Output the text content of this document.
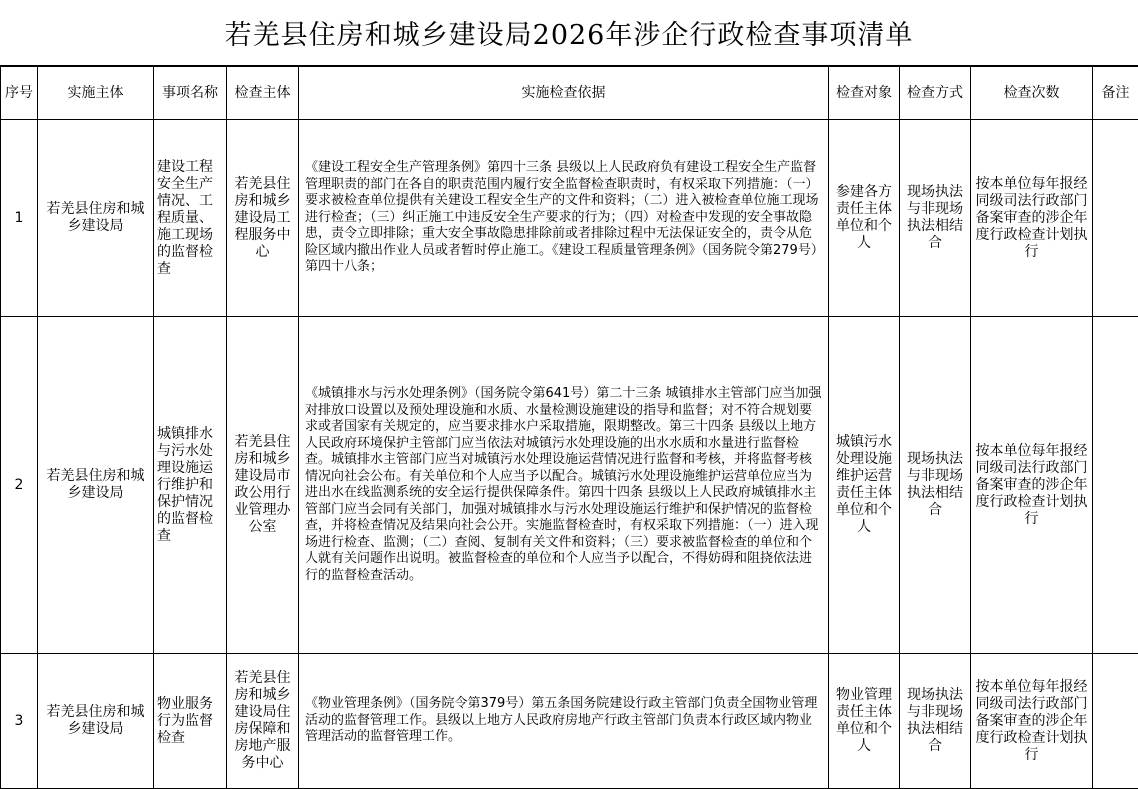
若羌县住房和城乡建设局2026年涉企行政检查事项清单
序号	实施主体	事项名称	检查主体	实施检查依据	检查对象	检查方式	检查次数	备注
1	若羌县住房和城乡建设局	建设工程安全生产情况、工程质量、施工现场的监督检查	若羌县住房和城乡建设局工程服务中心	《建设工程安全生产管理条例》第四十三条 县级以上人民政府负有建设工程安全生产监督管理职责的部门在各自的职责范围内履行安全监督检查职责时，有权采取下列措施：（一）要求被检查单位提供有关建设工程安全生产的文件和资料；（二）进入被检查单位施工现场进行检查；（三）纠正施工中违反安全生产要求的行为；（四）对检查中发现的安全事故隐患，责令立即排除；重大安全事故隐患排除前或者排除过程中无法保证安全的，责令从危险区域内撤出作业人员或者暂时停止施工。《建设工程质量管理条例》（国务院令第279号）第四十八条；	参建各方责任主体单位和个人	现场执法与非现场执法相结合	按本单位每年报经同级司法行政部门备案审查的涉企年度行政检查计划执行	
2	若羌县住房和城乡建设局	城镇排水与污水处理设施运行维护和保护情况的监督检查	若羌县住房和城乡建设局市政公用行业管理办公室	《城镇排水与污水处理条例》（国务院令第641号）第二十三条 城镇排水主管部门应当加强对排放口设置以及预处理设施和水质、水量检测设施建设的指导和监督；对不符合规划要求或者国家有关规定的，应当要求排水户采取措施，限期整改。第三十四条 县级以上地方人民政府环境保护主管部门应当依法对城镇污水处理设施的出水水质和水量进行监督检查。城镇排水主管部门应当对城镇污水处理设施运营情况进行监督和考核，并将监督考核情况向社会公布。有关单位和个人应当予以配合。城镇污水处理设施维护运营单位应当为进出水在线监测系统的安全运行提供保障条件。第四十四条 县级以上人民政府城镇排水主管部门应当会同有关部门，加强对城镇排水与污水处理设施运行维护和保护情况的监督检查，并将检查情况及结果向社会公开。实施监督检查时，有权采取下列措施：（一）进入现场进行检查、监测；（二）查阅、复制有关文件和资料；（三）要求被监督检查的单位和个人就有关问题作出说明。被监督检查的单位和个人应当予以配合，不得妨碍和阻挠依法进行的监督检查活动。	城镇污水处理设施维护运营责任主体单位和个人	现场执法与非现场执法相结合	按本单位每年报经同级司法行政部门备案审查的涉企年度行政检查计划执行	
3	若羌县住房和城乡建设局	物业服务行为监督检查	若羌县住房和城乡建设局住房保障和房地产服务中心	《物业管理条例》（国务院令第379号）第五条国务院建设行政主管部门负责全国物业管理活动的监督管理工作。县级以上地方人民政府房地产行政主管部门负责本行政区域内物业管理活动的监督管理工作。	物业管理责任主体单位和个人	现场执法与非现场执法相结合	按本单位每年报经同级司法行政部门备案审查的涉企年度行政检查计划执行	
